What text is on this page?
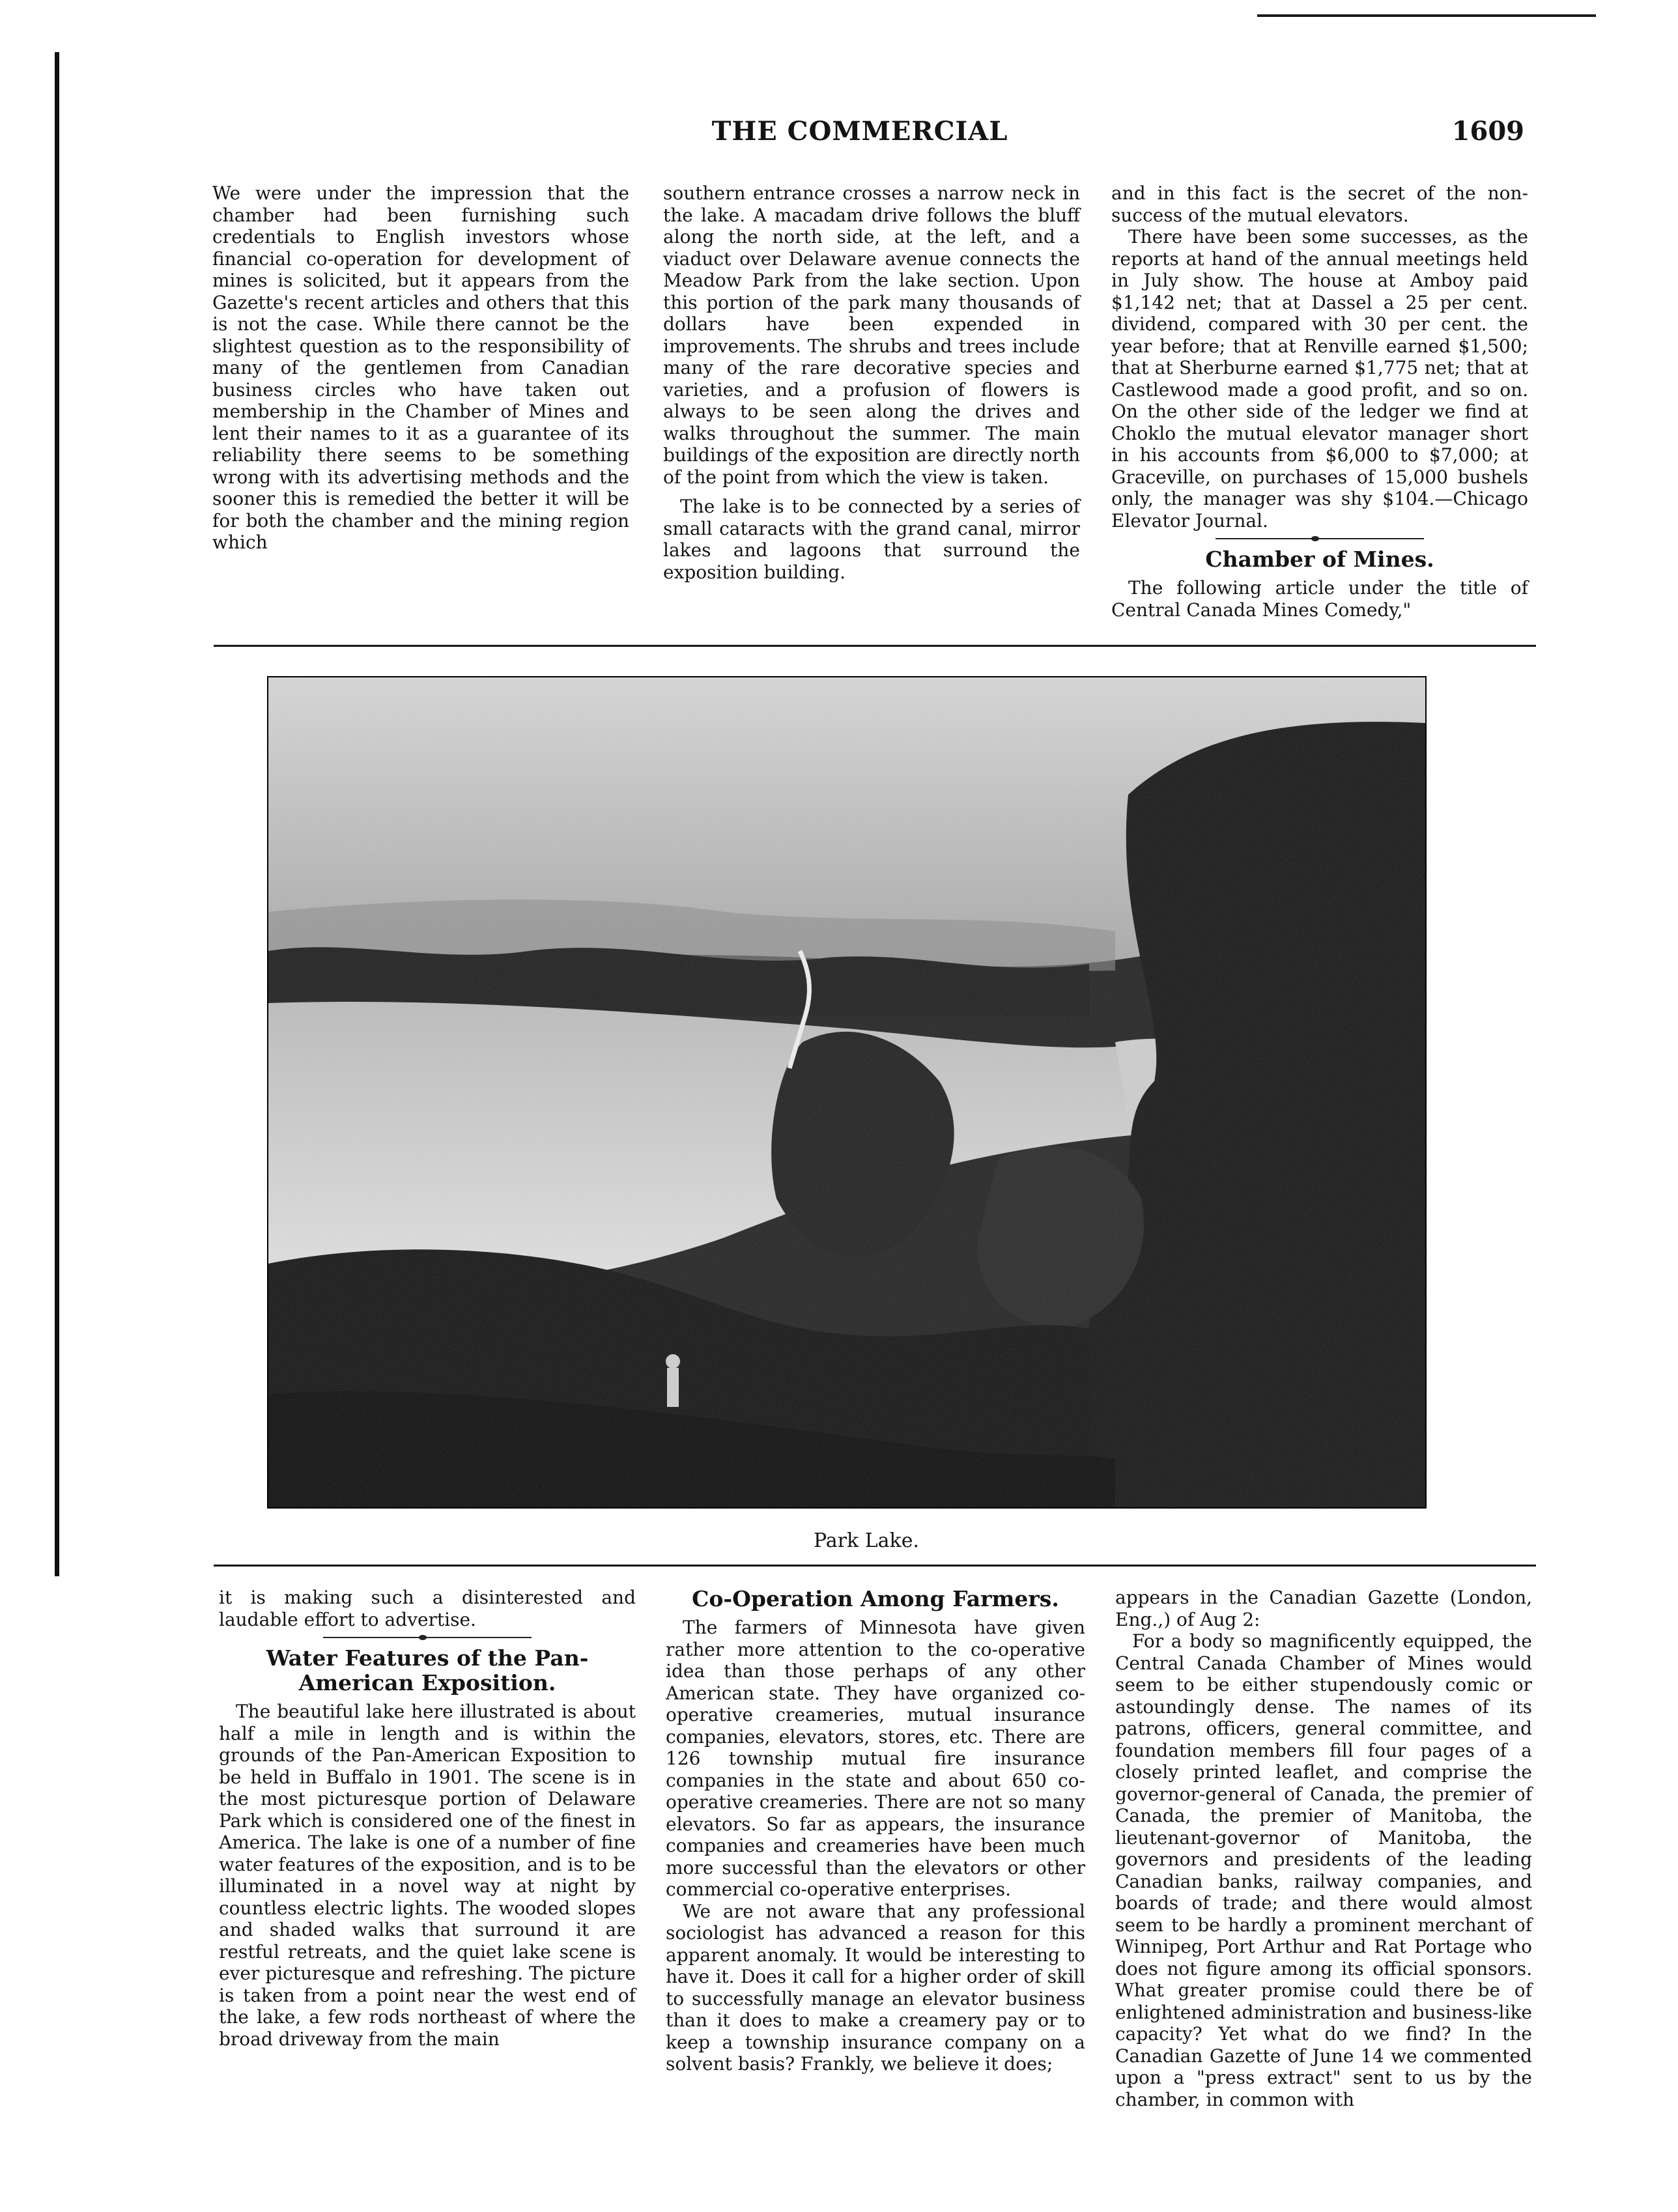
THE COMMERCIAL	1609

We were under the impression that the chamber had been furnishing such credentials to English investors whose financial co-operation for development of mines is solicited, but it appears from the Gazette's recent articles and others that this is not the case. While there cannot be the slightest question as to the responsibility of many of the gentlemen from Canadian business circles who have taken out membership in the Chamber of Mines and lent their names to it as a guarantee of its reliability there seems to be something wrong with its advertising methods and the sooner this is remedied the better it will be for both the chamber and the mining region which

southern entrance crosses a narrow neck in the lake. A macadam drive follows the bluff along the north side, at the left, and a viaduct over Delaware avenue connects the Meadow Park from the lake section. Upon this portion of the park many thousands of dollars have been expended in improvements. The shrubs and trees include many of the rare decorative species and varieties, and a profusion of flowers is always to be seen along the drives and walks throughout the summer. The main buildings of the exposition are directly north of the point from which the view is taken.

The lake is to be connected by a series of small cataracts with the grand canal, mirror lakes and lagoons that surround the exposition building.

and in this fact is the secret of the non-success of the mutual elevators.

There have been some successes, as the reports at hand of the annual meetings held in July show. The house at Amboy paid $1,142 net; that at Dassel a 25 per cent. dividend, compared with 30 per cent. the year before; that at Renville earned $1,500; that at Sherburne earned $1,775 net; that at Castlewood made a good profit, and so on. On the other side of the ledger we find at Choklo the mutual elevator manager short in his accounts from $6,000 to $7,000; at Graceville, on purchases of 15,000 bushels only, the manager was shy $104.—Chicago Elevator Journal.

Chamber of Mines.

The following article under the title of Central Canada Mines Comedy,"

Park Lake.

it is making such a disinterested and laudable effort to advertise.

Water Features of the Pan-American Exposition.

The beautiful lake here illustrated is about half a mile in length and is within the grounds of the Pan-American Exposition to be held in Buffalo in 1901. The scene is in the most picturesque portion of Delaware Park which is considered one of the finest in America. The lake is one of a number of fine water features of the exposition, and is to be illuminated in a novel way at night by countless electric lights. The wooded slopes and shaded walks that surround it are restful retreats, and the quiet lake scene is ever picturesque and refreshing. The picture is taken from a point near the west end of the lake, a few rods northeast of where the broad driveway from the main

Co-Operation Among Farmers.

The farmers of Minnesota have given rather more attention to the co-operative idea than those perhaps of any other American state. They have organized co-operative creameries, mutual insurance companies, elevators, stores, etc. There are 126 township mutual fire insurance companies in the state and about 650 co-operative creameries. There are not so many elevators. So far as appears, the insurance companies and creameries have been much more successful than the elevators or other commercial co-operative enterprises.

We are not aware that any professional sociologist has advanced a reason for this apparent anomaly. It would be interesting to have it. Does it call for a higher order of skill to successfully manage an elevator business than it does to make a creamery pay or to keep a township insurance company on a solvent basis? Frankly, we believe it does;

appears in the Canadian Gazette (London, Eng.,) of Aug 2:

For a body so magnificently equipped, the Central Canada Chamber of Mines would seem to be either stupendously comic or astoundingly dense. The names of its patrons, officers, general committee, and foundation members fill four pages of a closely printed leaflet, and comprise the governor-general of Canada, the premier of Canada, the premier of Manitoba, the lieutenant-governor of Manitoba, the governors and presidents of the leading Canadian banks, railway companies, and boards of trade; and there would almost seem to be hardly a prominent merchant of Winnipeg, Port Arthur and Rat Portage who does not figure among its official sponsors. What greater promise could there be of enlightened administration and business-like capacity? Yet what do we find? In the Canadian Gazette of June 14 we commented upon a "press extract" sent to us by the chamber, in common with
